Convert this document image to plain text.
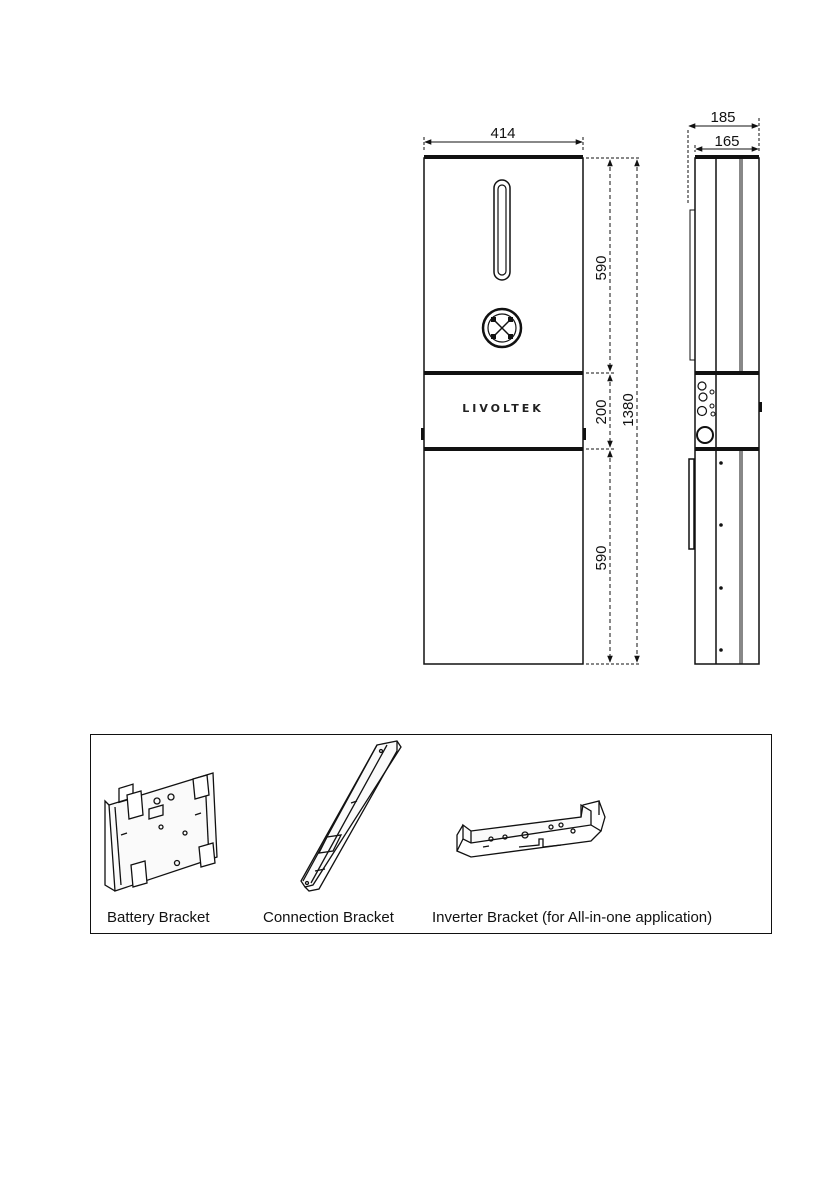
LIVOLTEK
414
590
200
590
1380
185
165
Battery Bracket	Connection Bracket	Inverter Bracket (for All-in-one application)
